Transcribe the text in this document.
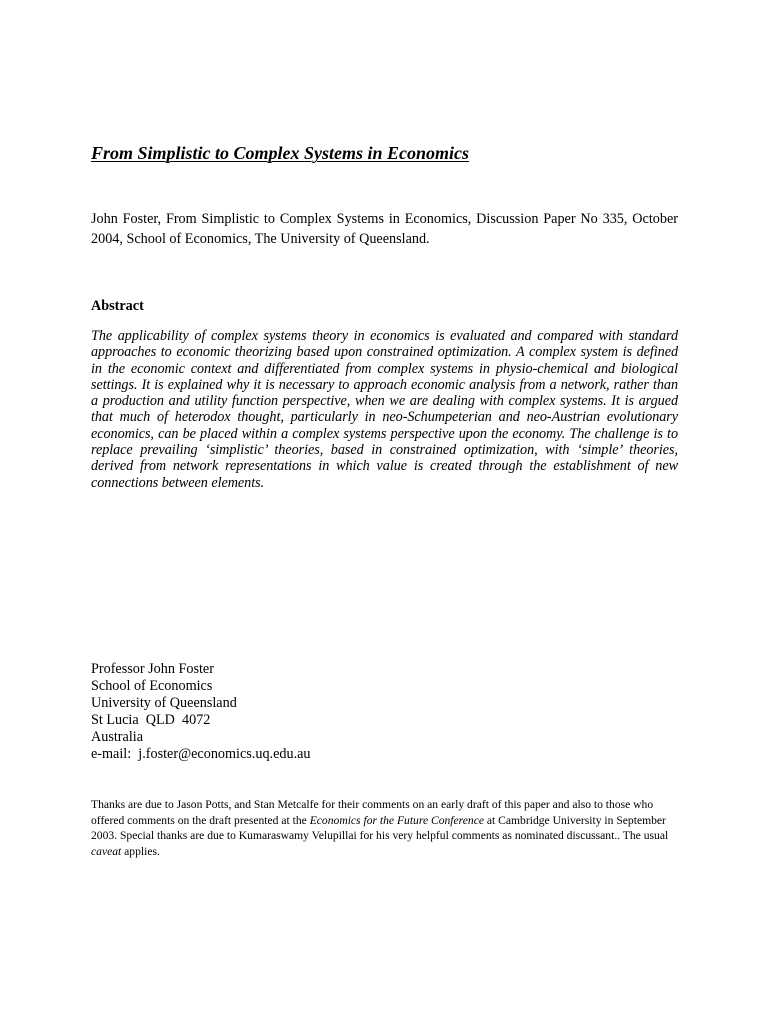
From Simplistic to Complex Systems in Economics
John Foster, From Simplistic to Complex Systems in Economics, Discussion Paper No 335, October 2004, School of Economics, The University of Queensland.
Abstract
The applicability of complex systems theory in economics is evaluated and compared with standard approaches to economic theorizing based upon constrained optimization. A complex system is defined in the economic context and differentiated from complex systems in physio-chemical and biological settings. It is explained why it is necessary to approach economic analysis from a network, rather than a production and utility function perspective, when we are dealing with complex systems. It is argued that much of heterodox thought, particularly in neo-Schumpeterian and neo-Austrian evolutionary economics, can be placed within a complex systems perspective upon the economy. The challenge is to replace prevailing ‘simplistic’ theories, based in constrained optimization, with ‘simple’ theories, derived from network representations in which value is created through the establishment of new connections between elements.
Professor John Foster
School of Economics
University of Queensland
St Lucia  QLD  4072
Australia
e-mail:  j.foster@economics.uq.edu.au
Thanks are due to Jason Potts, and Stan Metcalfe for their comments on an early draft of this paper and also to those who offered comments on the draft presented at the Economics for the Future Conference at Cambridge University in September 2003. Special thanks are due to Kumaraswamy Velupillai for his very helpful comments as nominated discussant.. The usual caveat applies.
